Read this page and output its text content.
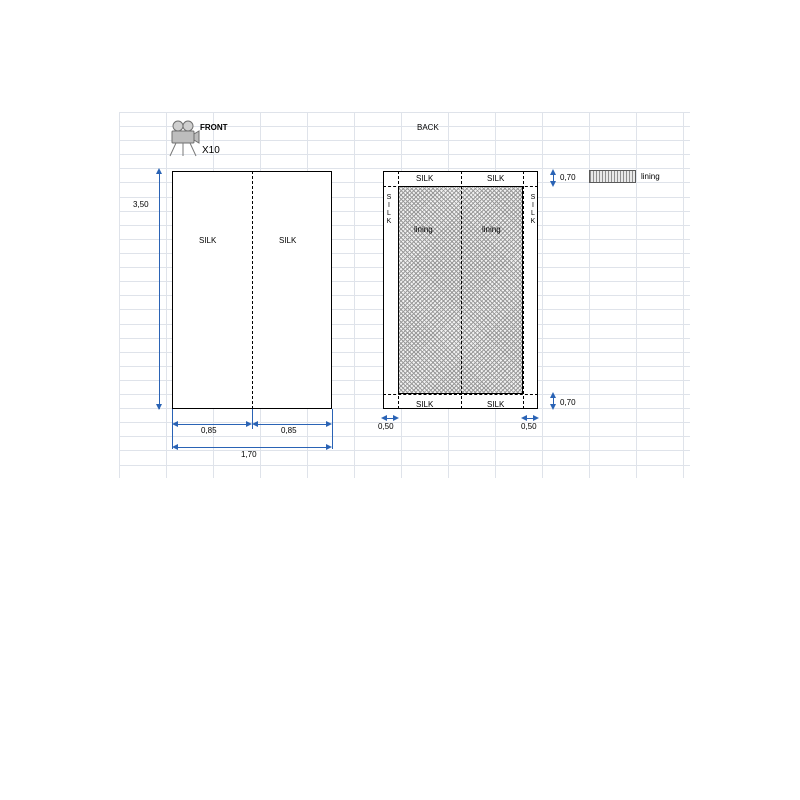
FRONT
X10
SILK	SILK
3,50
0,85	0,85
1,70
BACK
SILK	SILK
SILK	SILK
S
I
L
K
S
I
L
K
lining	lining
0,70
0,70
0,50	0,50
lining
